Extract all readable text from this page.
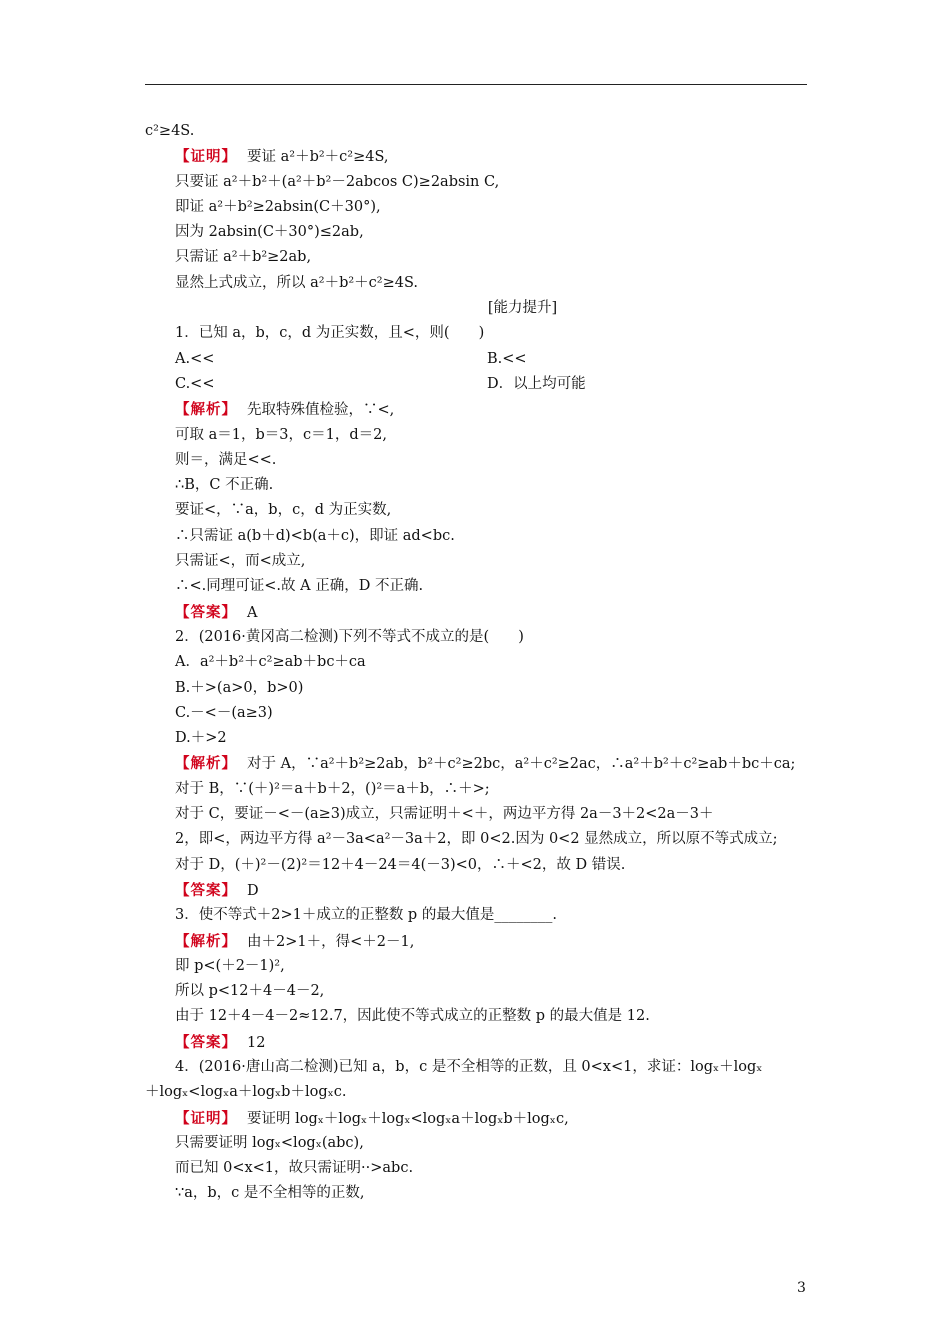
c²≥4S.
【证明】 要证 a²＋b²＋c²≥4S,
只要证 a²＋b²＋(a²＋b²－2abcos C)≥2absin C,
即证 a²＋b²≥2absin(C＋30°),
因为 2absin(C＋30°)≤2ab,
只需证 a²＋b²≥2ab,
显然上式成立，所以 a²＋b²＋c²≥4S.
[能力提升]
1．已知 a，b，c，d 为正实数，且<，则(　　)
A.<<	B.<<
C.<<	D．以上均可能
【解析】 先取特殊值检验，∵<,
可取 a＝1，b＝3，c＝1，d＝2,
则＝，满足<<.
∴B，C 不正确.
要证<，∵a，b，c，d 为正实数,
∴只需证 a(b＋d)<b(a＋c)，即证 ad<bc.
只需证<，而<成立,
∴<.同理可证<.故 A 正确，D 不正确.
【答案】 A
2．(2016·黄冈高二检测)下列不等式不成立的是(　　)
A．a²＋b²＋c²≥ab＋bc＋ca
B.＋>(a>0，b>0)
C.－<－(a≥3)
D.＋>2
【解析】 对于 A，∵a²＋b²≥2ab，b²＋c²≥2bc，a²＋c²≥2ac，∴a²＋b²＋c²≥ab＋bc＋ca;
对于 B，∵(＋)²＝a＋b＋2，()²＝a＋b，∴＋>;
对于 C，要证－<－(a≥3)成立，只需证明＋<＋，两边平方得 2a－3＋2<2a－3＋
2，即<，两边平方得 a²－3a<a²－3a＋2，即 0<2.因为 0<2 显然成立，所以原不等式成立;
对于 D，(＋)²－(2)²＝12＋4－24＝4(－3)<0，∴＋<2，故 D 错误.
【答案】 D
3．使不等式＋2>1＋成立的正整数 p 的最大值是________.
【解析】 由＋2>1＋，得<＋2－1,
即 p<(＋2－1)²,
所以 p<12＋4－4－2,
由于 12＋4－4－2≈12.7，因此使不等式成立的正整数 p 的最大值是 12.
【答案】 12
4．(2016·唐山高二检测)已知 a，b，c 是不全相等的正数，且 0<x<1，求证：logₓ＋logₓ
＋logₓ<logₓa＋logₓb＋logₓc.
【证明】 要证明 logₓ＋logₓ＋logₓ<logₓa＋logₓb＋logₓc,
只需要证明 logₓ<logₓ(abc),
而已知 0<x<1，故只需证明··>abc.
∵a，b，c 是不全相等的正数,
3
